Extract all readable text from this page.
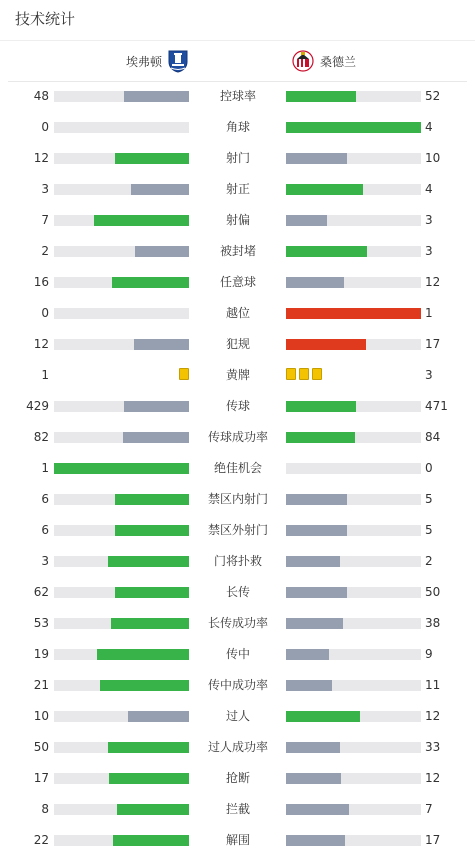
技术统计
埃弗顿	桑德兰
48	控球率	52
0	角球	4
12	射门	10
3	射正	4
7	射偏	3
2	被封堵	3
16	任意球	12
0	越位	1
12	犯规	17
1	黄牌	3
429	传球	471
82	传球成功率	84
1	绝佳机会	0
6	禁区内射门	5
6	禁区外射门	5
3	门将扑救	2
62	长传	50
53	长传成功率	38
19	传中	9
21	传中成功率	11
10	过人	12
50	过人成功率	33
17	抢断	12
8	拦截	7
22	解围	17
